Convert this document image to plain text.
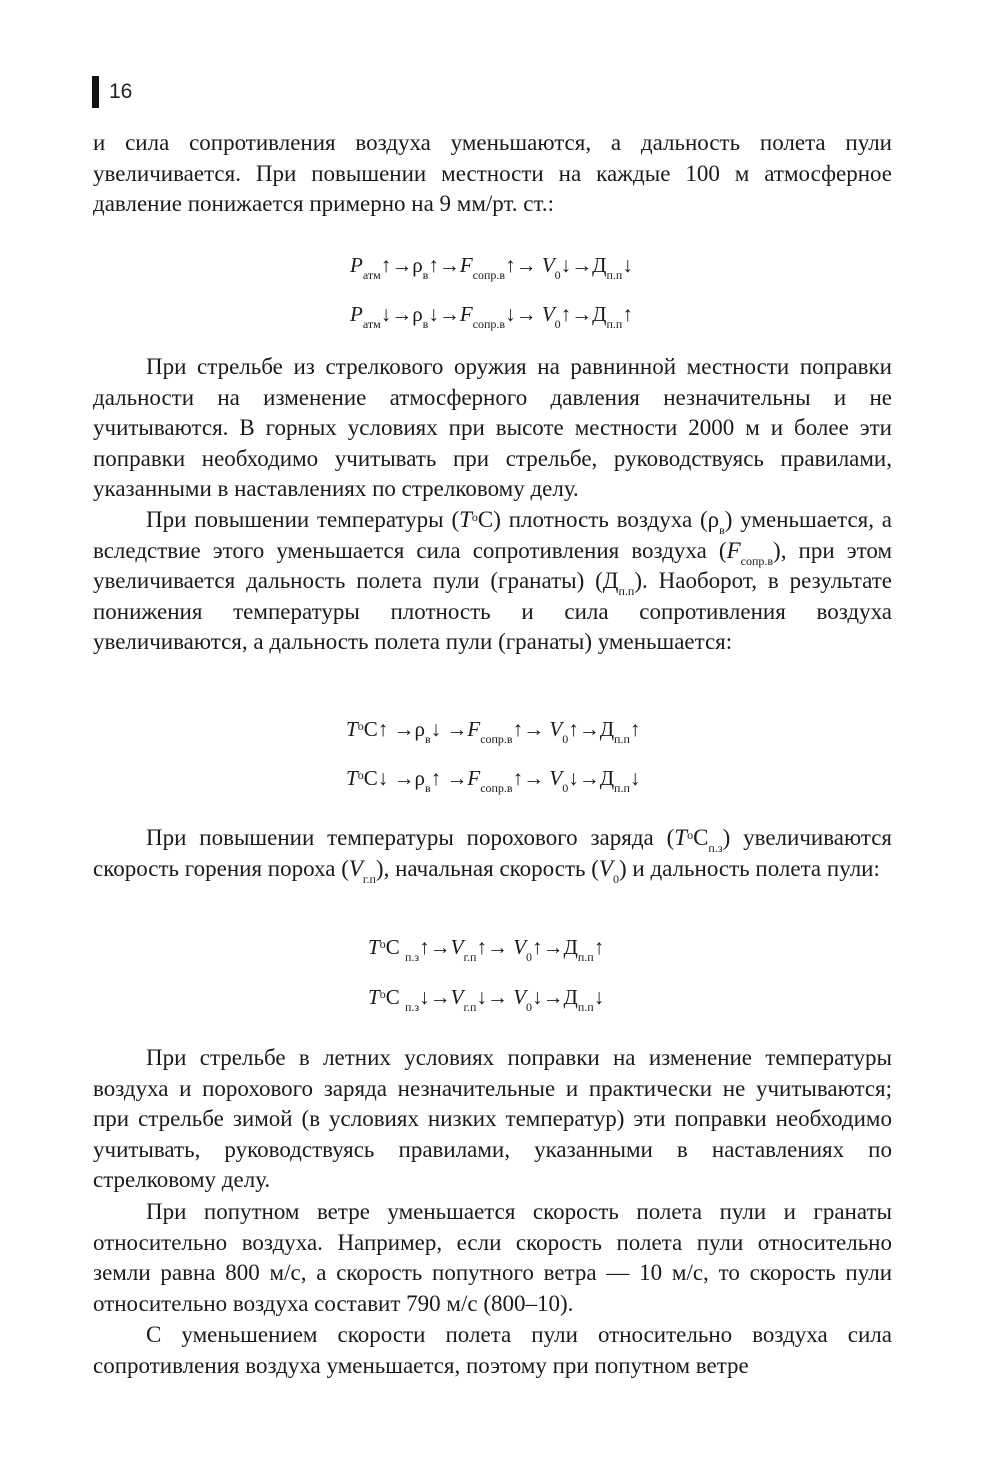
16

и сила сопротивления воздуха уменьшаются, а дальность полета пули увеличивается. При повышении местности на каждые 100 м атмосферное давление понижается примерно на 9 мм/рт. ст.:

$P_{атм}↑\to\rho_в↑\to F_{сопр.в}↑\to$ $V_0↓\to Д_{п.п}↓$
$P_{атм}↓\to\rho_в↓\to F_{сопр.в}↓\to$ $V_0↑\to Д_{п.п}↑$

При стрельбе из стрелкового оружия на равнинной местности поправки дальности на изменение атмосферного давления незначительны и не учитываются. В горных условиях при высоте местности 2000 м и более эти поправки необходимо учитывать при стрельбе, руководствуясь правилами, указанными в наставлениях по стрелковому делу.

При повышении температуры $(T^oС)$ плотность воздуха $(\rho_в)$ уменьшается, а вследствие этого уменьшается сила сопротивления воздуха $(F_{сопр.в})$, при этом увеличивается дальность полета пули (гранаты) $(Д_{п.п})$. Наоборот, в результате понижения температуры плотность и сила сопротивления воздуха увеличиваются, а дальность полета пули (гранаты) уменьшается:

$T^oC↑$ $\to\rho_в↓$ $\to F_{сопр.в}↑\to$ $V_0↑\to Д_{п.п}↑$
$T^oC↓$ $\to\rho_в↑$ $\to F_{сопр.в}↑\to$ $V_0↓\to Д_{п.п}↓$

При повышении температуры порохового заряда $(T^oС_{п.з})$ увеличиваются скорость горения пороха $(V_{г.п})$, начальная скорость $(V_0)$ и дальность полета пули:

$T^oC$ $_{п.з}↑\to V_{г.п}↑\to$ $V_0↑\to Д_{п.п}↑$
$T^oC$ $_{п.з}↓\to V_{г.п}↓\to$ $V_0↓\to Д_{п.п}↓$

При стрельбе в летних условиях поправки на изменение температуры воздуха и порохового заряда незначительные и практически не учитываются; при стрельбе зимой (в условиях низких температур) эти поправки необходимо учитывать, руководствуясь правилами, указанными в наставлениях по стрелковому делу.

При попутном ветре уменьшается скорость полета пули и гранаты относительно воздуха. Например, если скорость полета пули относительно земли равна 800 м/с, а скорость попутного ветра — 10 м/с, то скорость пули относительно воздуха составит 790 м/с (800–10).

С уменьшением скорости полета пули относительно воздуха сила сопротивления воздуха уменьшается, поэтому при попутном ветре
